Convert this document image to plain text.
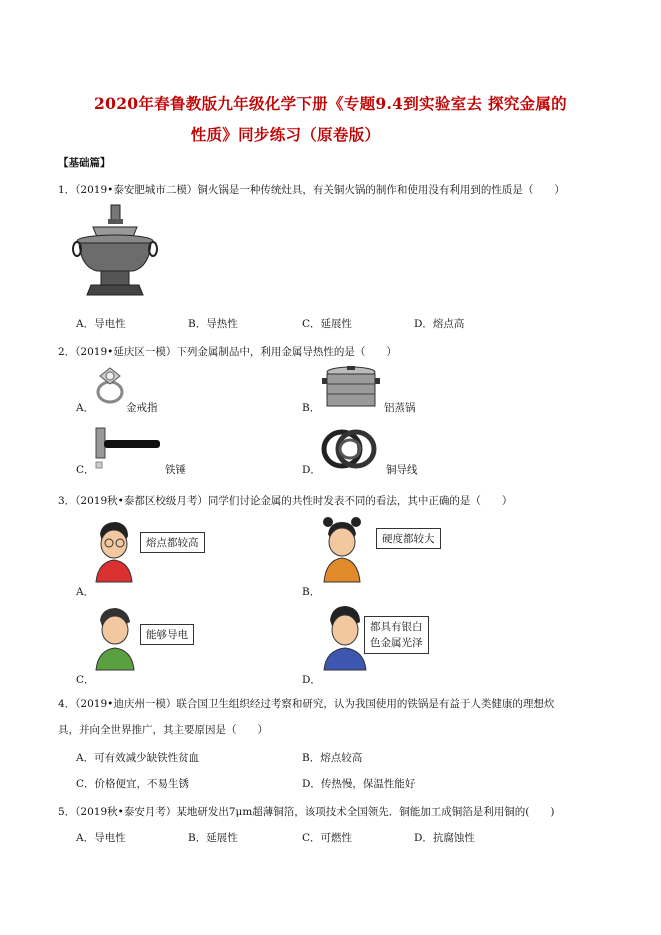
2020年春鲁教版九年级化学下册《专题9.4到实验室去 探究金属的
性质》同步练习（原卷版）
【基础篇】
1．（2019•泰安肥城市二模）铜火锅是一种传统灶具，有关铜火锅的制作和使用没有利用到的性质是（　　）
A．导电性	B．导热性	C．延展性	D．熔点高
2．（2019•延庆区一模）下列金属制品中，利用金属导热性的是（　　）
A．	金戒指	B．	铝蒸锅
C．	铁锤	D．	铜导线
3．（2019秋•泰都区校级月考）同学们讨论金属的共性时发表不同的看法，其中正确的是（　　）
A．
熔点都较高
B．
硬度都较大
C．
能够导电
D．
都具有银白
色金属光泽
4．（2019•迪庆州一模）联合国卫生组织经过考察和研究，认为我国使用的铁锅是有益于人类健康的理想炊
具，并向全世界推广，其主要原因是（　　）
A．可有效减少缺铁性贫血	B．熔点较高
C．价格便宜，不易生锈	D．传热慢，保温性能好
5．（2019秋•泰安月考）某地研发出7μm超薄铜箔，该项技术全国领先．铜能加工成铜箔是利用铜的(　　)
A．导电性	B．延展性	C．可燃性	D．抗腐蚀性
